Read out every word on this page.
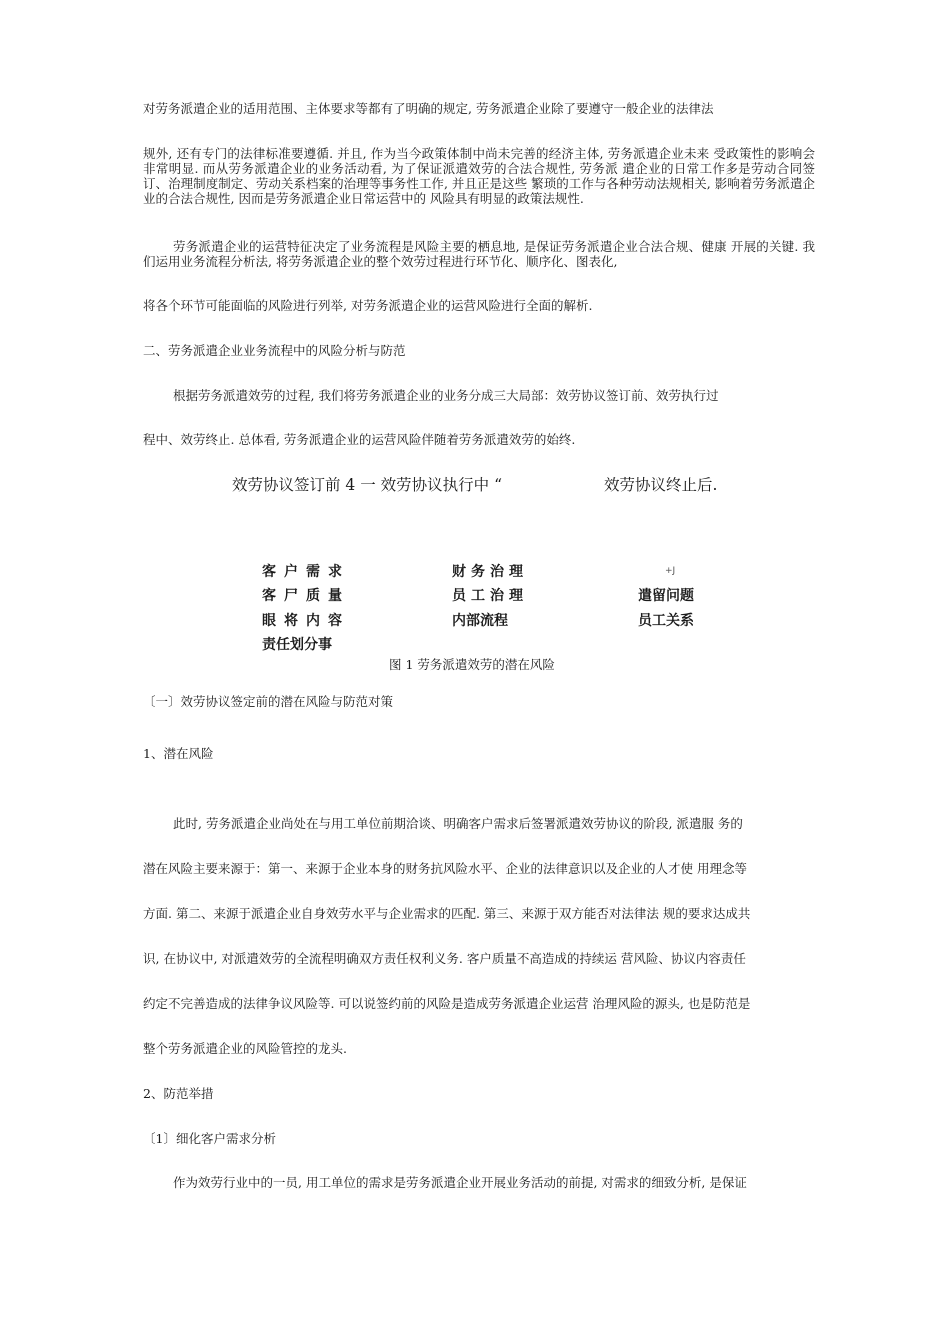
对劳务派遣企业的适用范围、主体要求等都有了明确的规定, 劳务派遣企业除了要遵守一般企业的法律法

规外, 还有专门的法律标准要遵循. 并且, 作为当今政策体制中尚未完善的经济主体, 劳务派遣企业未来 受政策性的影响会非常明显. 而从劳务派遣企业的业务活动看, 为了保证派遣效劳的合法合规性, 劳务派 遣企业的日常工作多是劳动合同签订、治理制度制定、劳动关系档案的治理等事务性工作, 并且正是这些 繁琐的工作与各种劳动法规相关, 影响着劳务派遣企业的合法合规性, 因而是劳务派遣企业日常运营中的 风险具有明显的政策法规性.

劳务派遣企业的运营特征决定了业务流程是风险主要的栖息地, 是保证劳务派遣企业合法合规、健康 开展的关键. 我们运用业务流程分析法, 将劳务派遣企业的整个效劳过程进行环节化、顺序化、图表化,

将各个环节可能面临的风险进行列举, 对劳务派遣企业的运营风险进行全面的解析.

二、劳务派遣企业业务流程中的风险分析与防范

根据劳务派遣效劳的过程, 我们将劳务派遣企业的业务分成三大局部：效劳协议签订前、效劳执行过

程中、效劳终止. 总体看, 劳务派遣企业的运营风险伴随着劳务派遣效劳的始终.

效劳协议签订前 4 一 效劳协议执行中 “	效劳协议终止后.
客户需求
客尸质量
眼将内容
责任划分事
财务治理
员工治理
内部流程
+J
遣留问题
员工关系
图 1 劳务派遣效劳的潜在风险

〔一〕效劳协议签定前的潜在风险与防范对策

1、潜在风险

此时, 劳务派遣企业尚处在与用工单位前期洽谈、明确客户需求后签署派遣效劳协议的阶段, 派遣服 务的

潜在风险主要来源于：第一、来源于企业本身的财务抗风险水平、企业的法律意识以及企业的人才使 用理念等

方面. 第二、来源于派遣企业自身效劳水平与企业需求的匹配. 第三、来源于双方能否对法律法 规的要求达成共

识, 在协议中, 对派遣效劳的全流程明确双方责任权利义务. 客户质量不高造成的持续运 营风险、协议内容责任

约定不完善造成的法律争议风险等. 可以说签约前的风险是造成劳务派遣企业运营 治理风险的源头, 也是防范是

整个劳务派遣企业的风险管控的龙头.

2、防范举措

〔1〕细化客户需求分析

作为效劳行业中的一员, 用工单位的需求是劳务派遣企业开展业务活动的前提, 对需求的细致分析, 是保证
